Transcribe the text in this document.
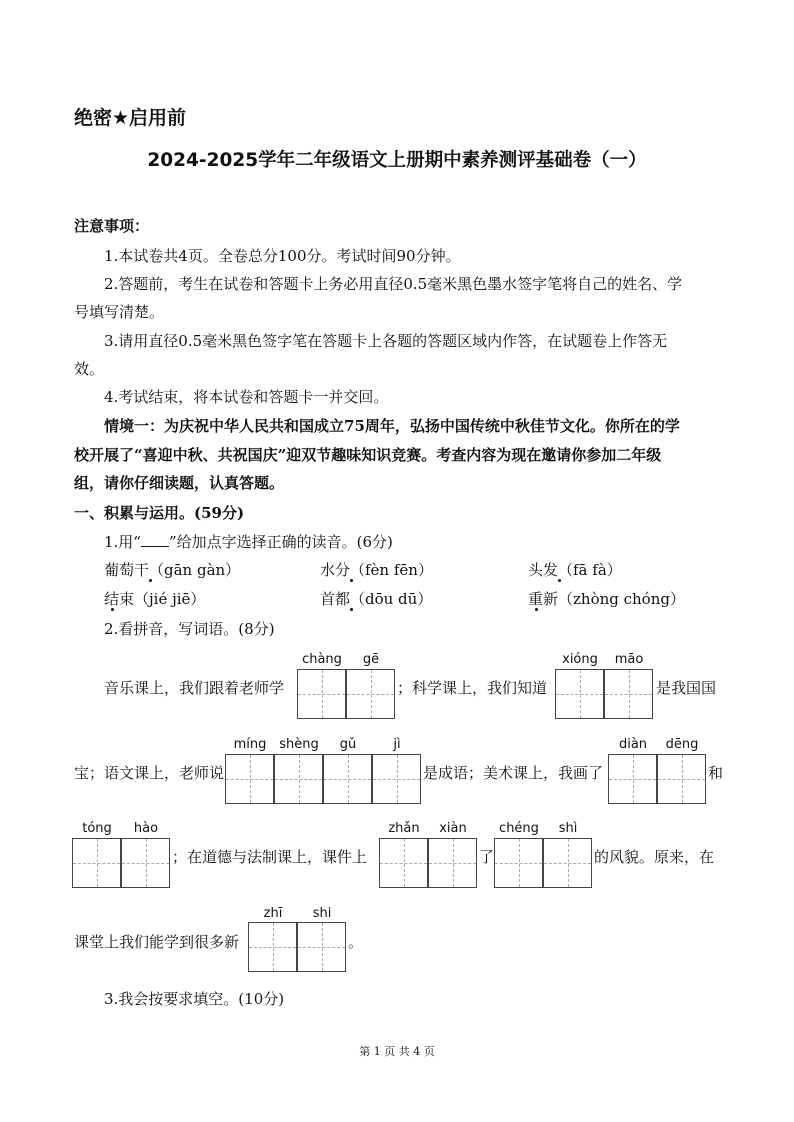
绝密★启用前
2024-2025学年二年级语文上册期中素养测评基础卷（一）
注意事项：
1.本试卷共4页。全卷总分100分。考试时间90分钟。
2.答题前，考生在试卷和答题卡上务必用直径0.5毫米黑色墨水签字笔将自己的姓名、学
号填写清楚。
3.请用直径0.5毫米黑色签字笔在答题卡上各题的答题区域内作答，在试题卷上作答无
效。
4.考试结束，将本试卷和答题卡一并交回。
情境一：为庆祝中华人民共和国成立75周年，弘扬中国传统中秋佳节文化。你所在的学
校开展了“喜迎中秋、共祝国庆”迎双节趣味知识竞赛。考查内容为现在邀请你参加二年级
组，请你仔细读题，认真答题。
一、积累与运用。(59分)
1.用“ ”给加点字选择正确的读音。(6分)
葡萄干（gān gàn）	水分（fèn fēn）	头发（fā fà）
结束（jié jiē）	首都（dōu dū）	重新（zhòng chóng）
2.看拼音，写词语。(8分)
chàng	gē	xióng	māo
音乐课上，我们跟着老师学	；科学课上，我们知道	是我国国
míng shèng	gǔ	jì	diàn	dēng
宝；语文课上，老师说	是成语；美术课上，我画了	和
tóng	hào	zhǎn	xiàn	chéng	shì
；在道德与法制课上，课件上	了	的风貌。原来，在
zhī	shi
课堂上我们能学到很多新	。
3.我会按要求填空。(10分)
第 1 页 共 4 页
